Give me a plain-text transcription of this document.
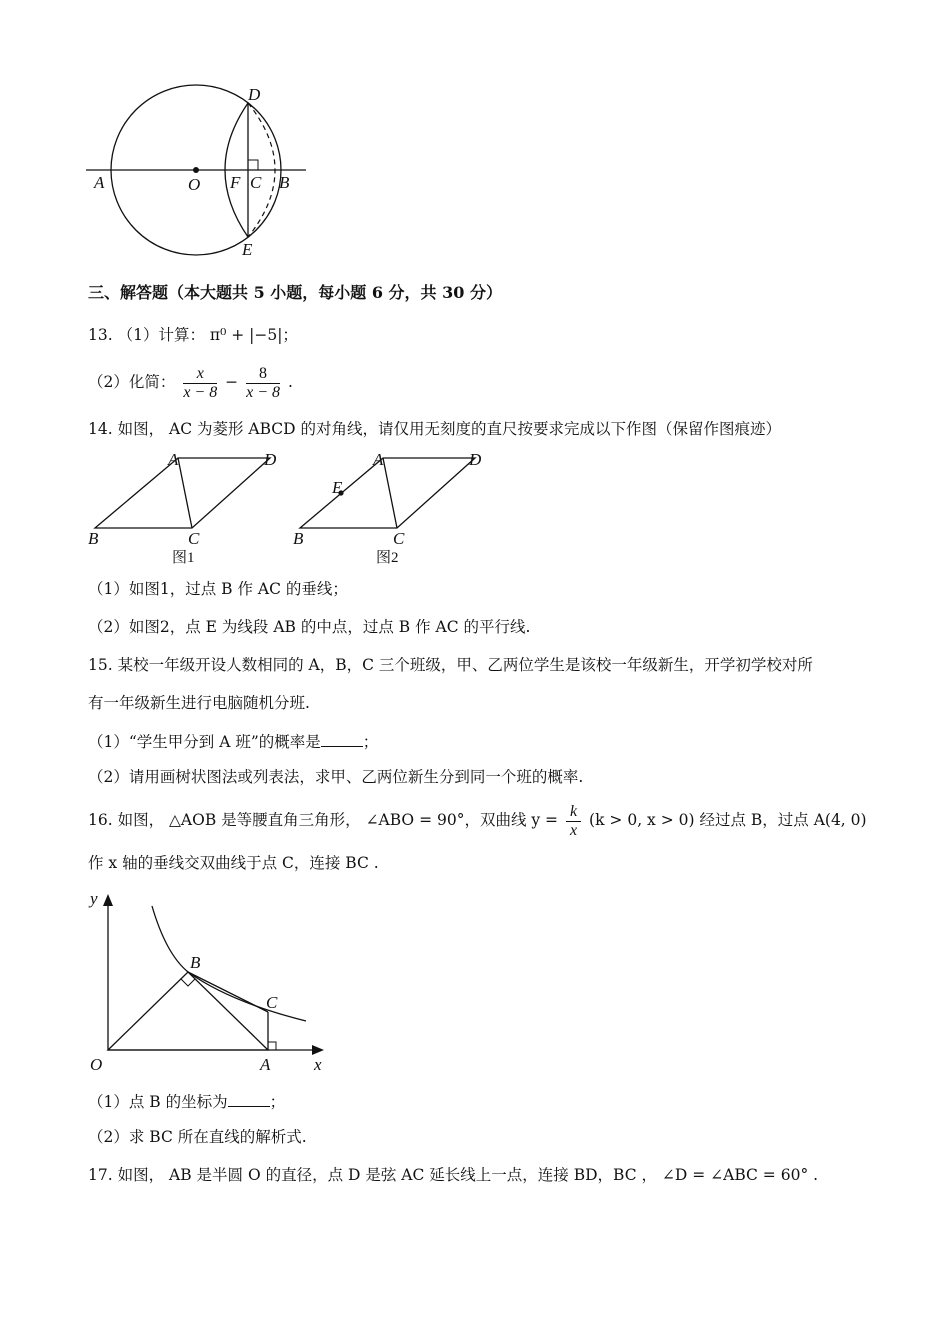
D
A	O F C B
E
三、解答题（本大题共 5 小题，每小题 6 分，共 30 分）
13. （1）计算： π⁰ + |−5|；
（2）化简： $\frac{x}{x - 8} - \frac{8}{x - 8}$ .
14. 如图， AC 为菱形 ABCD 的对角线，请仅用无刻度的直尺按要求完成以下作图（保留作图痕迹）
A	D
B	C
图1
E
A	D
B	C
图2
（1）如图1，过点 B 作 AC 的垂线；
（2）如图2，点 E 为线段 AB 的中点，过点 B 作 AC 的平行线.
15. 某校一年级开设人数相同的 A，B，C 三个班级，甲、乙两位学生是该校一年级新生，开学初学校对所
有一年级新生进行电脑随机分班.
（1）“学生甲分到 A 班”的概率是	；
（2）请用画树状图法或列表法，求甲、乙两位新生分到同一个班的概率.
16. 如图， △AOB 是等腰直角三角形， ∠ABO = 90°，双曲线 $y = \frac{k}{x} (k > 0$, x > 0) 经过点 B，过点 A(4, 0)
作 x 轴的垂线交双曲线于点 C，连接 BC .
y
x
O	A
B
C
（1）点 B 的坐标为	；
（2）求 BC 所在直线的解析式.
17. 如图， AB 是半圆 O 的直径，点 D 是弦 AC 延长线上一点，连接 BD，BC ， ∠D = ∠ABC = 60° .
